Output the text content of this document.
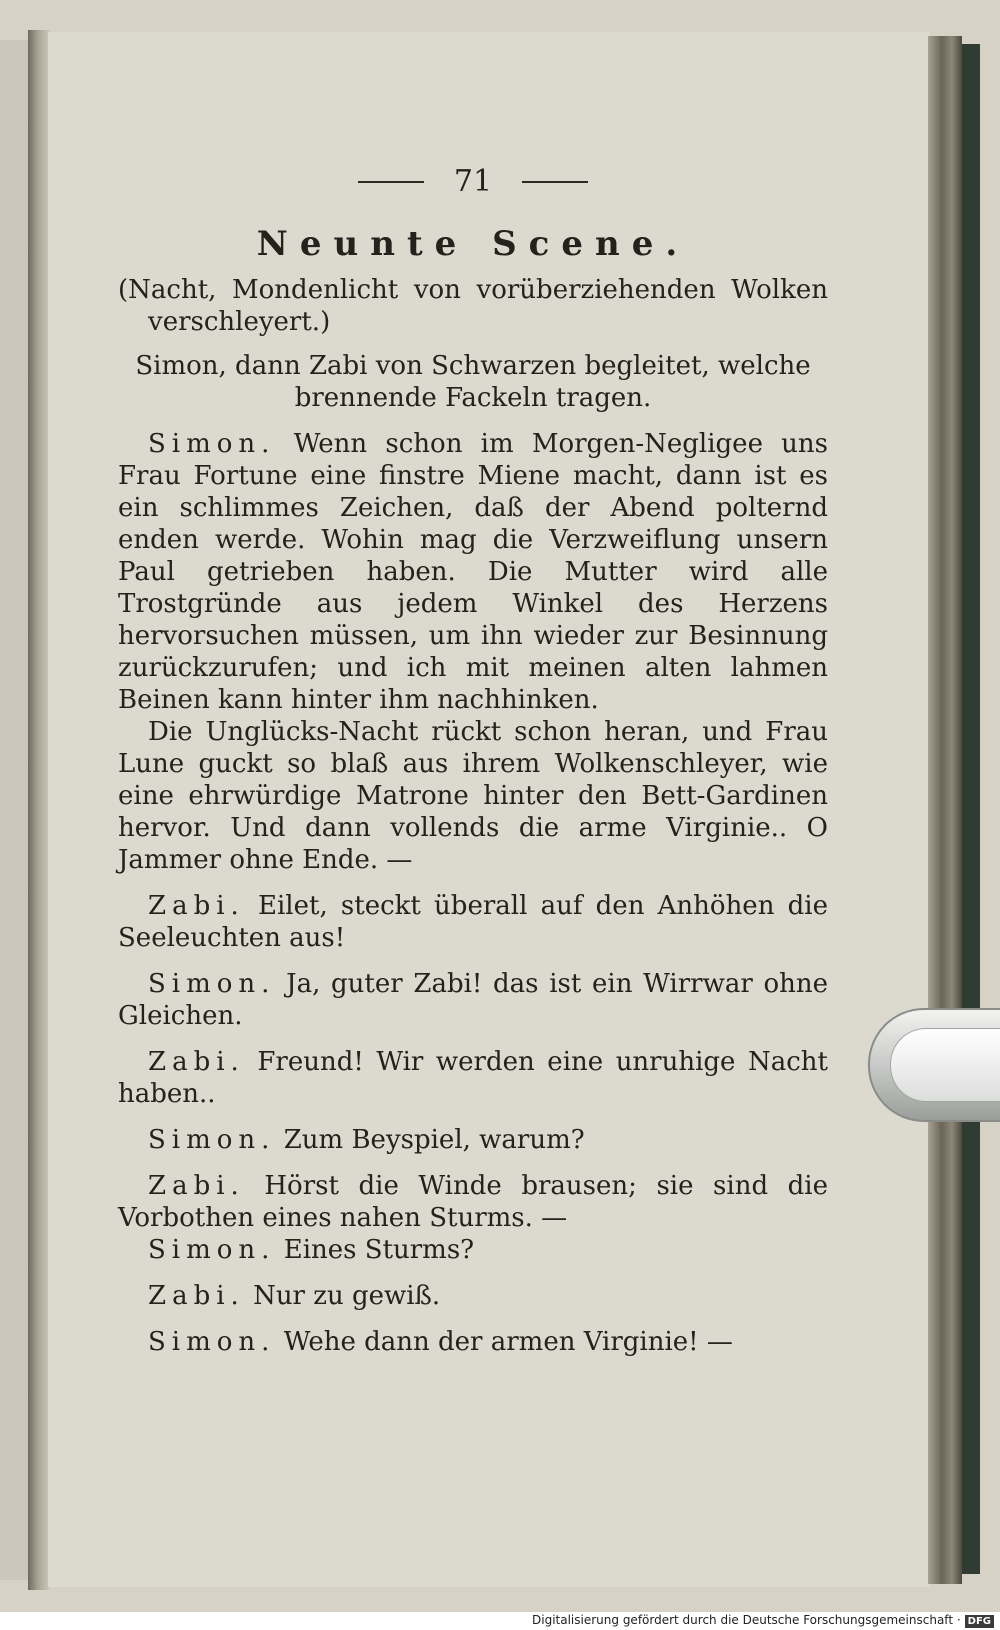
71
Neunte Scene.
(Nacht, Mondenlicht von vorüberziehenden Wolken verschleyert.)
Simon, dann Zabi von Schwarzen begleitet, welche brennende Fackeln tragen.
Simon. Wenn schon im Morgen-Negligee uns Frau Fortune eine finstre Miene macht, dann ist es ein schlimmes Zeichen, daß der Abend polternd enden werde. Wohin mag die Verzweiflung unsern Paul getrieben haben. Die Mutter wird alle Trostgründe aus jedem Winkel des Herzens hervorsuchen müssen, um ihn wieder zur Besinnung zurückzurufen; und ich mit meinen alten lahmen Beinen kann hinter ihm nachhinken.
Die Unglücks-Nacht rückt schon heran, und Frau Lune guckt so blaß aus ihrem Wolkenschleyer, wie eine ehrwürdige Matrone hinter den Bett-Gardinen hervor. Und dann vollends die arme Virginie.. O Jammer ohne Ende. —
Zabi. Eilet, steckt überall auf den Anhöhen die Seeleuchten aus!
Simon. Ja, guter Zabi! das ist ein Wirrwar ohne Gleichen.
Zabi. Freund! Wir werden eine unruhige Nacht haben..
Simon. Zum Beyspiel, warum?
Zabi. Hörst die Winde brausen; sie sind die Vorbothen eines nahen Sturms. —
Simon. Eines Sturms?
Zabi. Nur zu gewiß.
Simon. Wehe dann der armen Virginie! —
Digitalisierung gefördert durch die Deutsche Forschungsgemeinschaft · DFG
